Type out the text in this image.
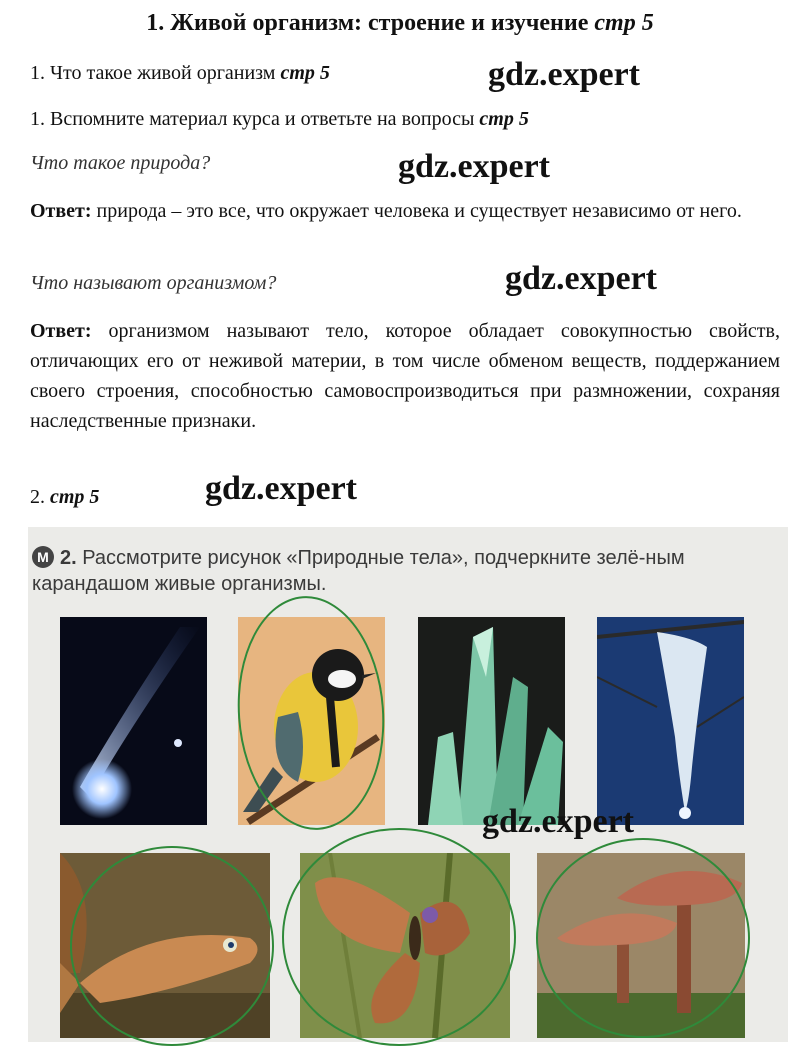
1. Живой организм: строение и изучение стр 5
1. Что такое живой организм стр 5	gdz.expert
1. Вспомните материал курса и ответьте на вопросы стр 5
Что такое природа?	gdz.expert
Ответ: природа – это все, что окружает человека и существует независимо от него.
Что называют организмом?	gdz.expert
Ответ: организмом называют тело, которое обладает совокупностью свойств, отличающих его от неживой материи, в том числе обменом веществ, поддержанием своего строения, способностью самовоспроизводиться при размножении, сохраняя наследственные признаки.
2. стр 5	gdz.expert
М 2. Рассмотрите рисунок «Природные тела», подчеркните зелё-ным карандашом живые организмы.
gdz.expert
